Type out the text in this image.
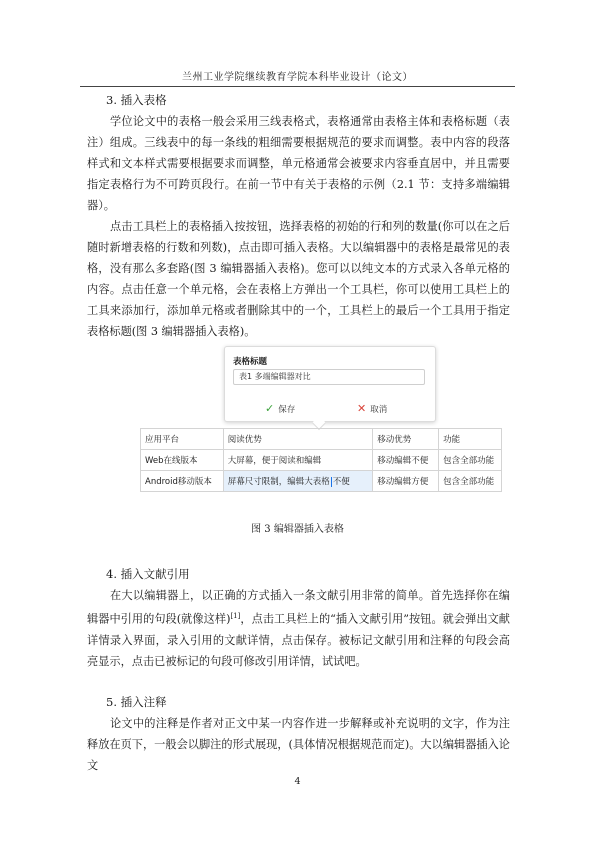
兰州工业学院继续教育学院本科毕业设计（论文）
3. 插入表格

学位论文中的表格一般会采用三线表格式，表格通常由表格主体和表格标题（表注）组成。三线表中的每一条线的粗细需要根据规范的要求而调整。表中内容的段落样式和文本样式需要根据要求而调整，单元格通常会被要求内容垂直居中，并且需要指定表格行为不可跨页段行。在前一节中有关于表格的示例（2.1 节：支持多端编辑器）。

点击工具栏上的表格插入按按钮，选择表格的初始的行和列的数量(你可以在之后随时新增表格的行数和列数)，点击即可插入表格。大以编辑器中的表格是最常见的表格，没有那么多套路(图 3 编辑器插入表格)。您可以以纯文本的方式录入各单元格的内容。点击任意一个单元格，会在表格上方弹出一个工具栏，你可以使用工具栏上的工具来添加行，添加单元格或者删除其中的一个，工具栏上的最后一个工具用于指定表格标题(图 3 编辑器插入表格)。

表格标题
表1 多端编辑器对比
✓ 保存	✕ 取消
应用平台	阅读优势	移动优势	功能
Web在线版本	大屏幕，便于阅读和编辑	移动编辑不便	包含全部功能
Android移动版本	屏幕尺寸限制，编辑大表格 不便	移动编辑方便	包含全部功能
图 3 编辑器插入表格
4. 插入文献引用

在大以编辑器上，以正确的方式插入一条文献引用非常的简单。首先选择你在编辑器中引用的句段(就像这样)[1]，点击工具栏上的“插入文献引用”按钮。就会弹出文献详情录入界面，录入引用的文献详情，点击保存。被标记文献引用和注释的句段会高亮显示，点击已被标记的句段可修改引用详情，试试吧。

5. 插入注释

论文中的注释是作者对正文中某一内容作进一步解释或补充说明的文字，作为注释放在页下，一般会以脚注的形式展现，(具体情况根据规范而定)。大以编辑器插入论文

4
